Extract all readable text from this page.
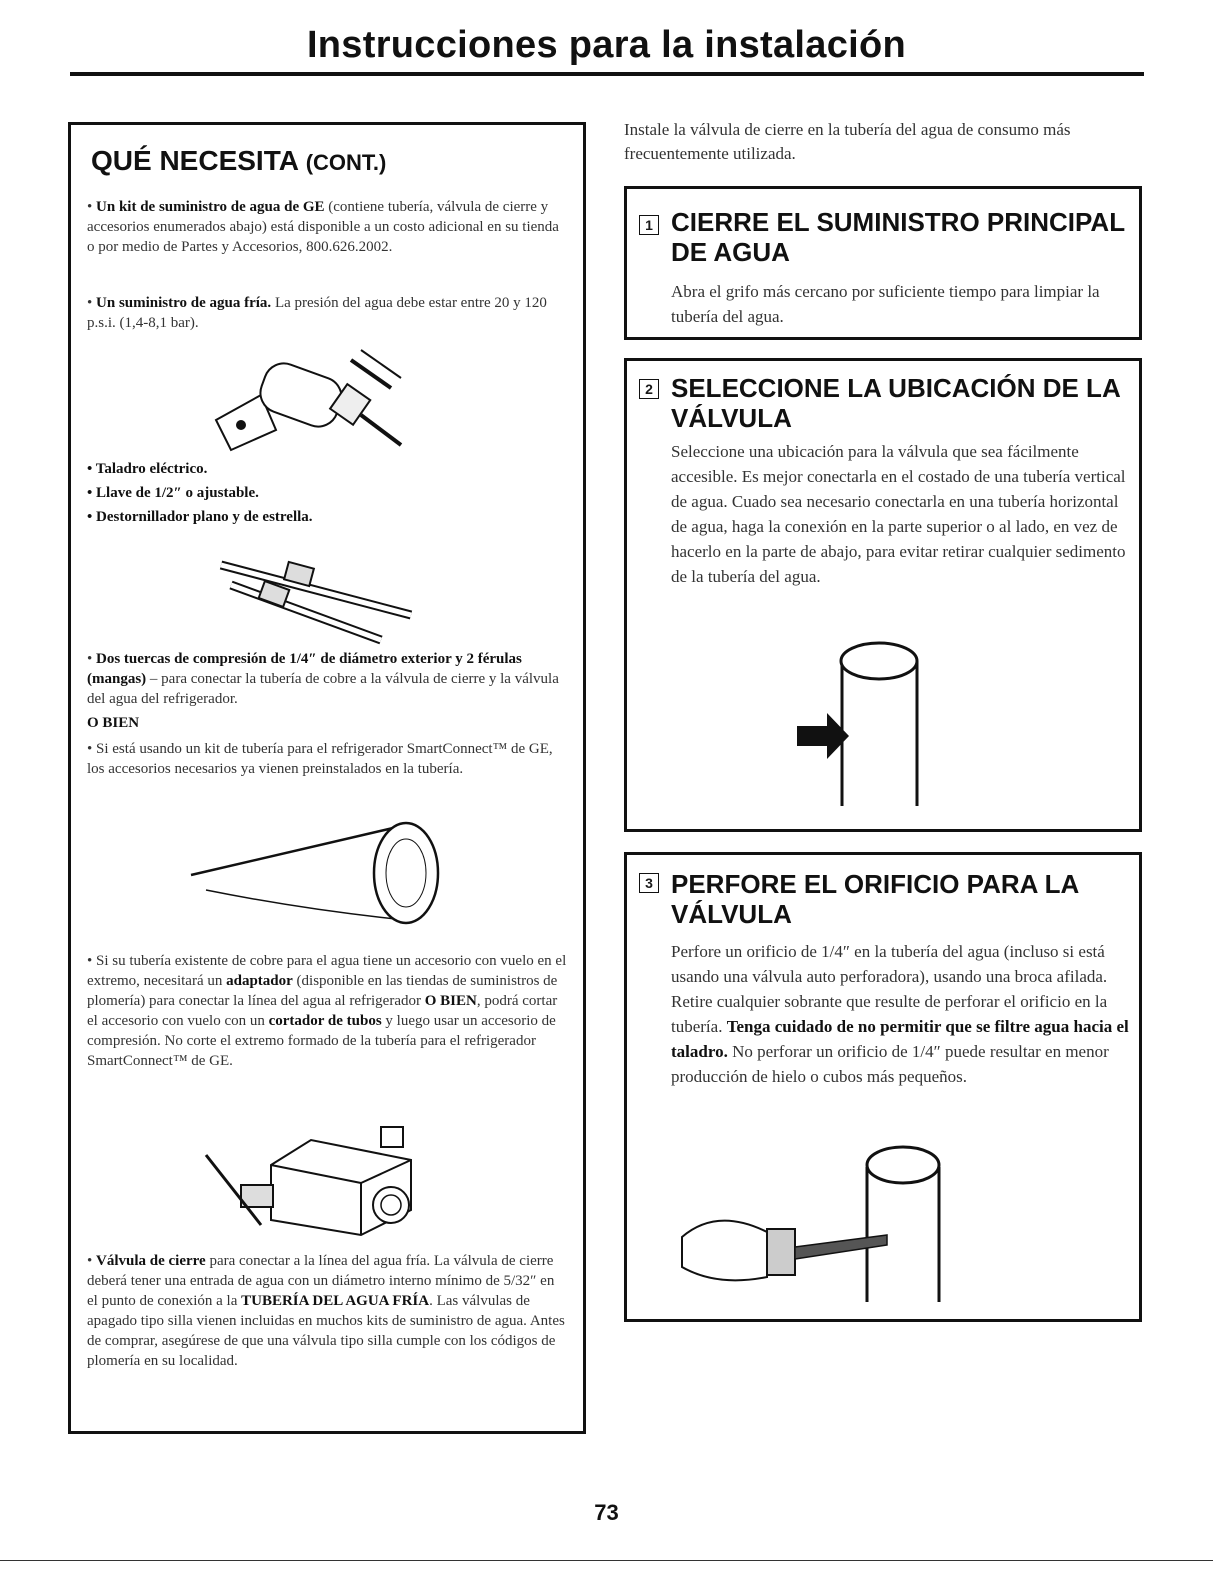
Instrucciones para la instalación
QUÉ NECESITA (CONT.)
• Un kit de suministro de agua de GE (contiene tubería, válvula de cierre y accesorios enumerados abajo) está disponible a un costo adicional en su tienda o por medio de Partes y Accesorios, 800.626.2002.
• Un suministro de agua fría. La presión del agua debe estar entre 20 y 120 p.s.i. (1,4-8,1 bar).
• Taladro eléctrico.
• Llave de 1/2″ o ajustable.
• Destornillador plano y de estrella.
• Dos tuercas de compresión de 1/4″ de diámetro exterior y 2 férulas (mangas) – para conectar la tubería de cobre a la válvula de cierre y la válvula del agua del refrigerador.
O BIEN
• Si está usando un kit de tubería para el refrigerador SmartConnect™ de GE, los accesorios necesarios ya vienen preinstalados en la tubería.
• Si su tubería existente de cobre para el agua tiene un accesorio con vuelo en el extremo, necesitará un adaptador (disponible en las tiendas de suministros de plomería) para conectar la línea del agua al refrigerador O BIEN, podrá cortar el accesorio con vuelo con un cortador de tubos y luego usar un accesorio de compresión. No corte el extremo formado de la tubería para el refrigerador SmartConnect™ de GE.
• Válvula de cierre para conectar a la línea del agua fría. La válvula de cierre deberá tener una entrada de agua con un diámetro interno mínimo de 5/32″ en el punto de conexión a la TUBERÍA DEL AGUA FRÍA. Las válvulas de apagado tipo silla vienen incluidas en muchos kits de suministro de agua. Antes de comprar, asegúrese de que una válvula tipo silla cumple con los códigos de plomería en su localidad.
Instale la válvula de cierre en la tubería del agua de consumo más frecuentemente utilizada.
1 CIERRE EL SUMINISTRO PRINCIPAL DE AGUA
Abra el grifo más cercano por suficiente tiempo para limpiar la tubería del agua.
2 SELECCIONE LA UBICACIÓN DE LA VÁLVULA
Seleccione una ubicación para la válvula que sea fácilmente accesible. Es mejor conectarla en el costado de una tubería vertical de agua. Cuado sea necesario conectarla en una tubería horizontal de agua, haga la conexión en la parte superior o al lado, en vez de hacerlo en la parte de abajo, para evitar retirar cualquier sedimento de la tubería del agua.
3 PERFORE EL ORIFICIO PARA LA VÁLVULA
Perfore un orificio de 1/4″ en la tubería del agua (incluso si está usando una válvula auto perforadora), usando una broca afilada. Retire cualquier sobrante que resulte de perforar el orificio en la tubería. Tenga cuidado de no permitir que se filtre agua hacia el taladro. No perforar un orificio de 1/4″ puede resultar en menor producción de hielo o cubos más pequeños.
73
